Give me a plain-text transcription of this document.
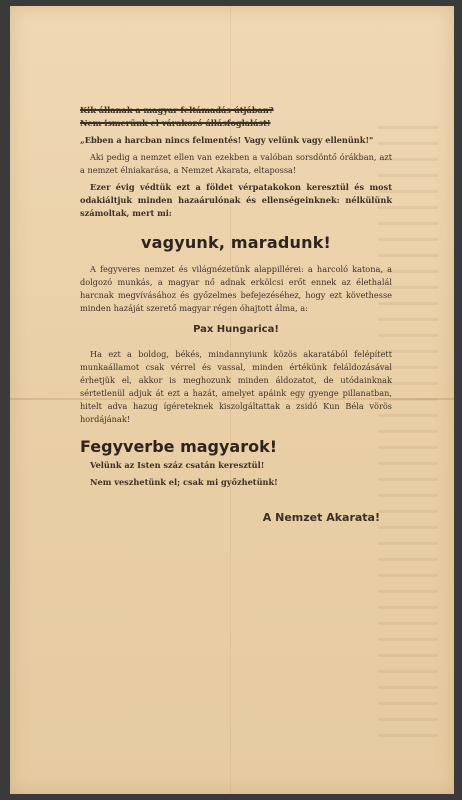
Kik állanak a magyar feltámadás útjában?

Nem ismerünk el várakozó állásfoglalást!

„Ebben a harcban nincs felmentés! Vagy velünk vagy ellenünk!"

Aki pedig a nemzet ellen van ezekben a valóban sorsdöntő órákban, azt a nemzet élniakarása, a Nemzet Akarata, eltapossa!

Ezer évig védtük ezt a földet vérpatakokon keresztül és most odakiáltjuk minden hazaárulónak és ellenségeinknek: nélkülünk számoltak, mert mi:

vagyunk, maradunk!

A fegyveres nemzet és világnézetünk alappillérei: a harcoló katona, a dolgozó munkás, a magyar nő adnak erkölcsi erőt ennek az élethalál harcnak megvívásához és győzelmes befejezéséhez, hogy ezt követhesse minden hazáját szerető magyar régen óhajtott álma, a:

Pax Hungarica!

Ha ezt a boldog, békés, mindannyiunk közös akaratából felépített munkaállamot csak vérrel és vassal, minden értékünk feláldozásával érhetjük el, akkor is meghozunk minden áldozatot, de utódainknak sértetlenül adjuk át ezt a hazát, amelyet apáink egy gyenge pillanatban, hitelt adva hazug ígéreteknek kiszolgáltattak a zsidó Kun Béla vörös hordájának!

Fegyverbe magyarok!

Velünk az Isten száz csatán keresztül!

Nem veszhetünk el; csak mi győzhetünk!

A Nemzet Akarata!
